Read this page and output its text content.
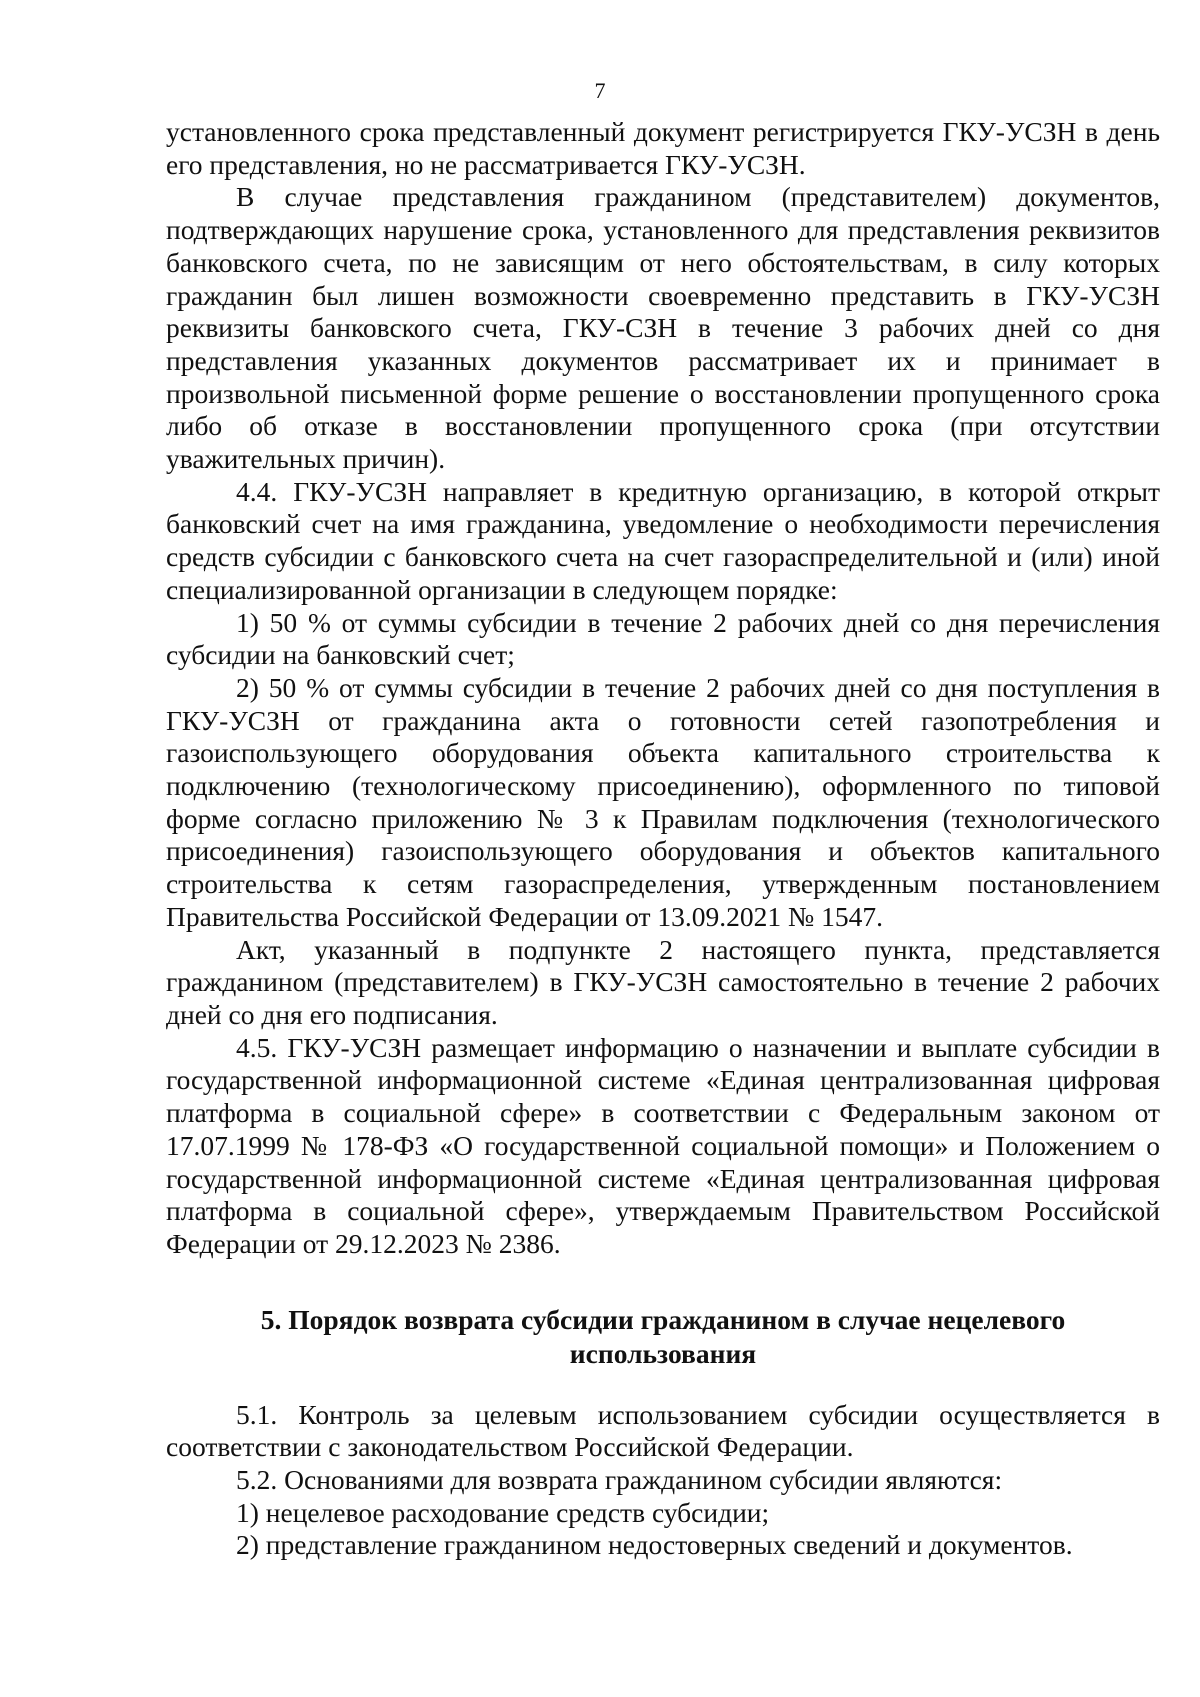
7

установленного срока представленный документ регистрируется ГКУ-УСЗН в день его представления, но не рассматривается ГКУ-УСЗН.

В случае представления гражданином (представителем) документов, подтверждающих нарушение срока, установленного для представления реквизитов банковского счета, по не зависящим от него обстоятельствам, в силу которых гражданин был лишен возможности своевременно представить в ГКУ-УСЗН реквизиты банковского счета, ГКУ-СЗН в течение 3 рабочих дней со дня представления указанных документов рассматривает их и принимает в произвольной письменной форме решение о восстановлении пропущенного срока либо об отказе в восстановлении пропущенного срока (при отсутствии уважительных причин).

4.4. ГКУ-УСЗН направляет в кредитную организацию, в которой открыт банковский счет на имя гражданина, уведомление о необходимости перечисления средств субсидии с банковского счета на счет газораспределительной и (или) иной специализированной организации в следующем порядке:

1) 50 % от суммы субсидии в течение 2 рабочих дней со дня перечисления субсидии на банковский счет;

2) 50 % от суммы субсидии в течение 2 рабочих дней со дня поступления в ГКУ-УСЗН от гражданина акта о готовности сетей газопотребления и газоиспользующего оборудования объекта капитального строительства к подключению (технологическому присоединению), оформленного по типовой форме согласно приложению № 3 к Правилам подключения (технологического присоединения) газоиспользующего оборудования и объектов капитального строительства к сетям газораспределения, утвержденным постановлением Правительства Российской Федерации от 13.09.2021 № 1547.

Акт, указанный в подпункте 2 настоящего пункта, представляется гражданином (представителем) в ГКУ-УСЗН самостоятельно в течение 2 рабочих дней со дня его подписания.

4.5. ГКУ-УСЗН размещает информацию о назначении и выплате субсидии в государственной информационной системе «Единая централизованная цифровая платформа в социальной сфере» в соответствии с Федеральным законом от 17.07.1999 № 178-ФЗ «О государственной социальной помощи» и Положением о государственной информационной системе «Единая централизованная цифровая платформа в социальной сфере», утверждаемым Правительством Российской Федерации от 29.12.2023 № 2386.

5. Порядок возврата субсидии гражданином в случае нецелевого использования

5.1. Контроль за целевым использованием субсидии осуществляется в соответствии с законодательством Российской Федерации.

5.2. Основаниями для возврата гражданином субсидии являются:

1) нецелевое расходование средств субсидии;

2) представление гражданином недостоверных сведений и документов.
